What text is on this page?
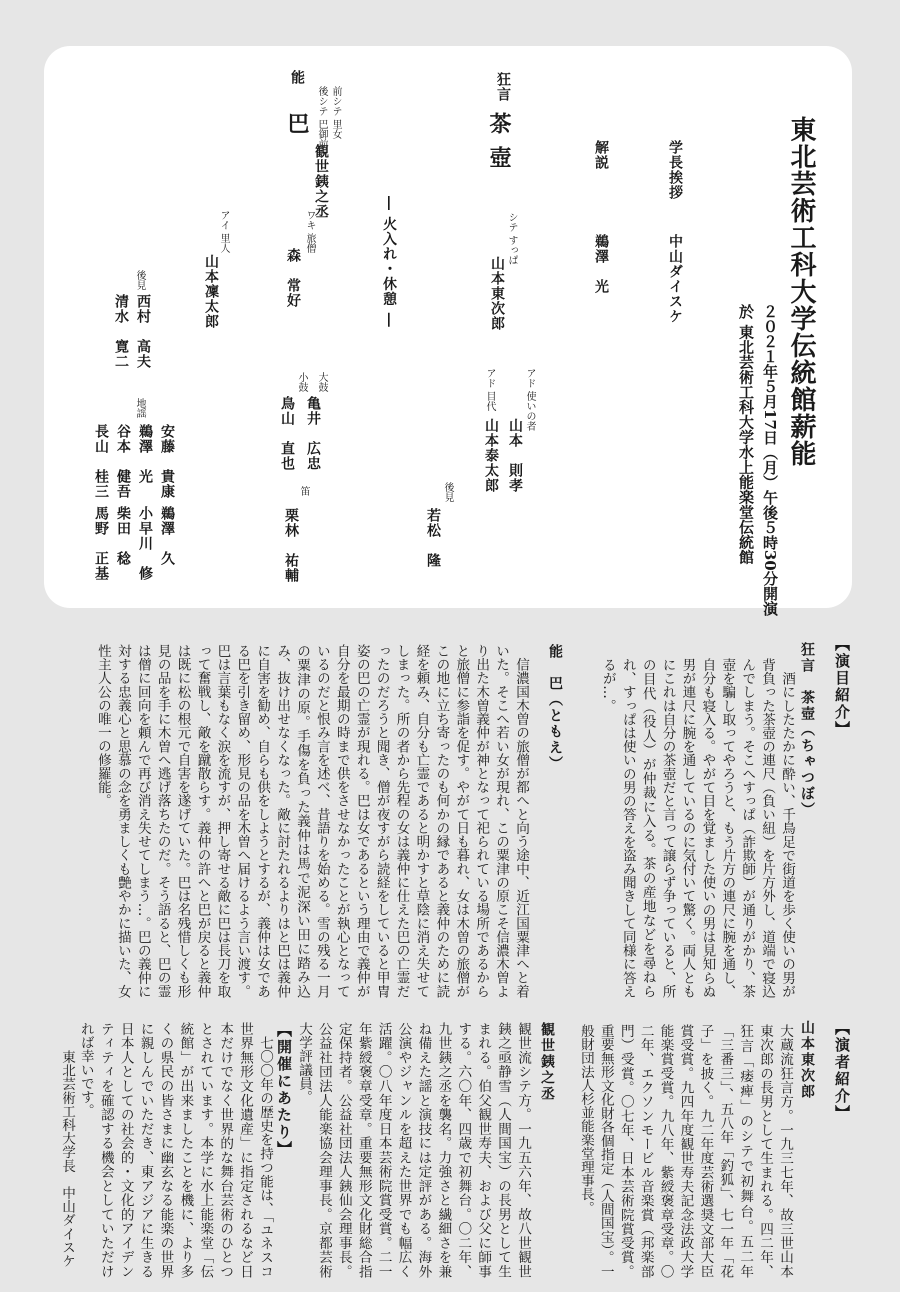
東北芸術工科大学伝統館薪能
２０２１年５月17日（月）午後５時30分開演
於 東北芸術工科大学水上能楽堂伝統館
学長挨拶
中山ダイスケ
解説
鵜澤　光
狂言
茶壺
シテ すっぱ
山本東次郎
アド 使いの者
山本　則孝
アド 目代
山本泰太郎
後見
若松　隆
― 火入れ・休憩 ―
能
巴 前シテ 里女
後シテ 巴御前
観世銕之丞
ワキ 旅僧
森　常好
アイ 里人
山本凜太郎
大鼓
亀井　広忠
小鼓
鳥山　直也
笛
栗林　祐輔
後見
西村　高夫
清水　寛二
地謡
安藤　貴康
鵜澤　久
鵜澤　光
小早川　修
谷本　健吾
柴田　稔
長山　桂三
馬野　正基
【演目紹介】
狂言　茶壺（ちゃつぼ）
　酒にしたたかに酔い、千鳥足で街道を歩く使いの男が背負った茶壺の連尺（負い紐）を片方外し、道端で寝込んでしまう。そこへすっぱ（詐欺師）が通りがかり、茶壺を騙し取ってやろうと、もう片方の連尺に腕を通し、自分も寝入る。やがて目を覚ました使いの男は見知らぬ男が連尺に腕を通しているのに気付いて驚く。両人ともにこれは自分の茶壺だと言って譲らず争っていると、所の目代（役人）が仲裁に入る。茶の産地などを尋ねられ、すっぱは使いの男の答えを盗み聞きして同様に答えるが…。
能　巴（ともえ）
　信濃国木曽の旅僧が都へと向う途中、近江国粟津へと着いた。そこへ若い女が現れ、この粟津の原こそ信濃木曽より出た木曽義仲が神となって祀られている場所であるからと旅僧に参詣を促す。やがて日も暮れ、女は木曽の旅僧がこの地に立ち寄ったのも何かの縁であると義仲のために読経を頼み、自分も亡霊であると明かすと草陰に消え失せてしまった。所の者から先程の女は義仲に仕えた巴の亡霊だったのだろうと聞き、僧が夜すがら読経をしていると甲冑姿の巴の亡霊が現れる。巴は女であるという理由で義仲が自分を最期の時まで供をさせなかったことが執心となっているのだと恨み言を述べ、昔語りを始める。雪の残る一月の粟津の原。手傷を負った義仲は馬で泥深い田に踏み込み、抜け出せなくなった。敵に討たれるよりはと巴は義仲に自害を勧め、自らも供をしようとするが、義仲は女である巴を引き留め、形見の品を木曽へ届けるよう言い渡す。巴は言葉もなく涙を流すが、押し寄せる敵に巴は長刀を取って奮戦し、敵を蹴散らす。義仲の許へと巴が戻ると義仲は既に松の根元で自害を遂げていた。巴は名残惜しくも形見の品を手に木曽へ逃げ落ちたのだ。そう語ると、巴の霊は僧に回向を頼んで再び消え失せてしまう…。巴の義仲に対する忠義心と思慕の念を勇ましくも艶やかに描いた、女性主人公の唯一の修羅能。
【演者紹介】
山本東次郎
大蔵流狂言方。一九三七年、故三世山本東次郎の長男として生まれる。四二年、狂言「痿痺」のシテで初舞台。五二年「三番三」、五八年「釣狐」、七一年「花子」を披く。九二年度芸術選奨文部大臣賞受賞。九四年度観世寿夫記念法政大学能楽賞受賞。九八年、紫綬褒章受章。〇二年、エクソンモービル音楽賞（邦楽部門）受賞。〇七年、日本芸術院賞受賞。重要無形文化財各個指定（人間国宝）。一般財団法人杉並能楽堂理事長。
観世銕之丞
観世流シテ方。一九五六年、故八世観世銕之亟静雪（人間国宝）の長男として生まれる。伯父観世寿夫、および父に師事する。六〇年、四歳で初舞台。〇二年、九世銕之丞を襲名。力強さと繊細さを兼ね備えた謡と演技には定評がある。海外公演やジャンルを超えた世界でも幅広く活躍。〇八年度日本芸術院賞受賞。二一年紫綬褒章受章。重要無形文化財総合指定保持者。公益社団法人銕仙会理事長。公益社団法人能楽協会理事長。京都芸術大学評議員。
【開催にあたり】
　七〇〇年の歴史を持つ能は、「ユネスコ世界無形文化遺産」に指定されるなど日本だけでなく世界的な舞台芸術のひとつとされています。本学に水上能楽堂「伝統館」が出来ましたことを機に、より多くの県民の皆さまに幽玄なる能楽の世界に親しんでいただき、東アジアに生きる日本人としての社会的・文化的アイデンティティを確認する機会としていただければ幸いです。
東北芸術工科大学長　中山ダイスケ
